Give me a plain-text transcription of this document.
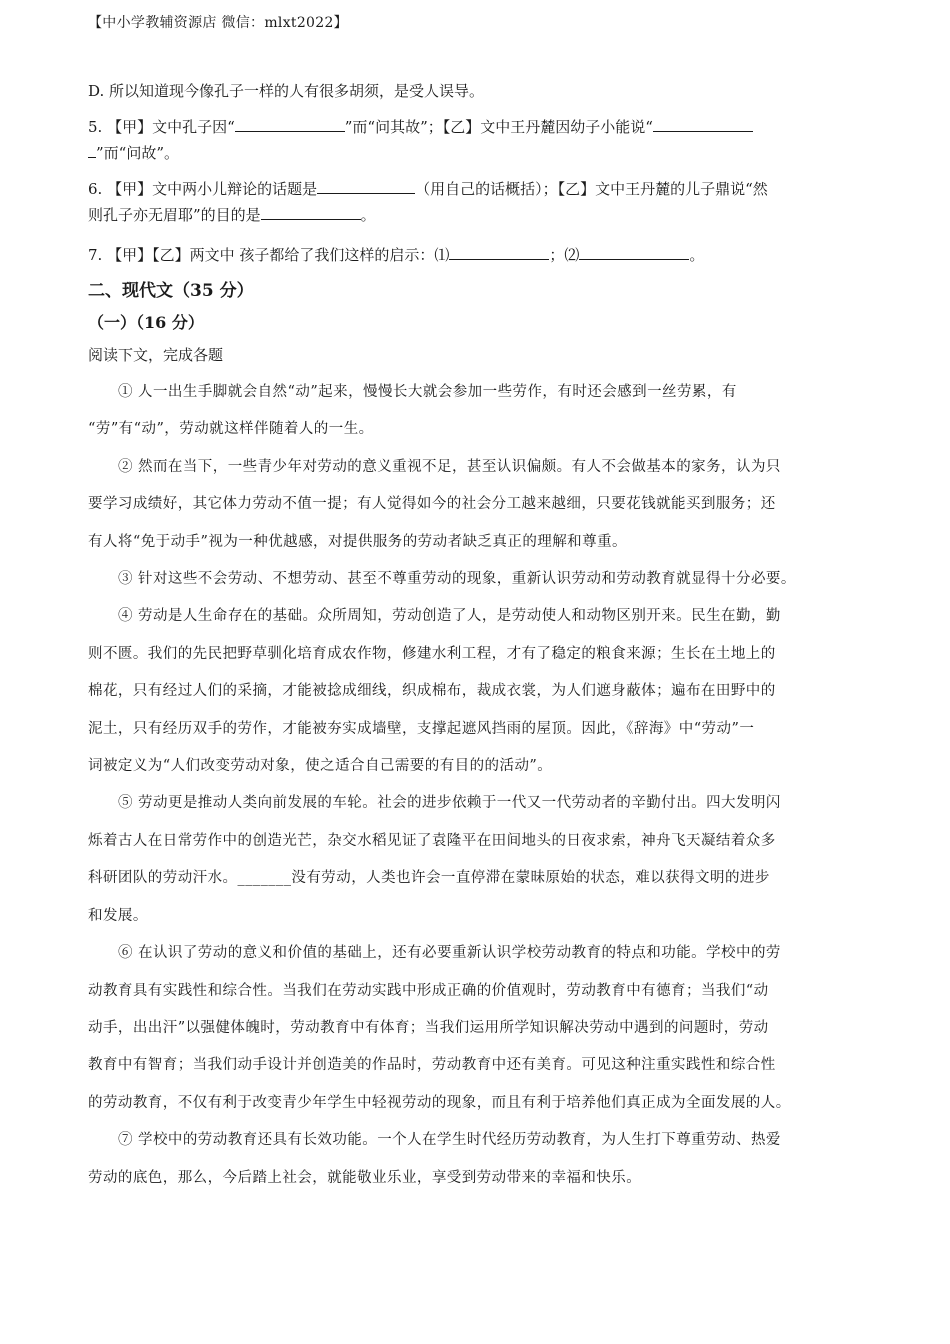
【中小学教辅资源店 微信：mlxt2022】

D. 所以知道现今像孔子一样的人有很多胡须，是受人误导。

5. 【甲】文中孔子因“	”而“问其故”；【乙】文中王丹麓因幼子小能说“

”而“问故”。

6. 【甲】文中两小儿辩论的话题是	（用自己的话概括）；【乙】文中王丹麓的儿子鼎说“然

则孔子亦无眉耶”的目的是	。

7. 【甲】【乙】两文中 孩子都给了我们这样的启示：⑴	；⑵	。

二、现代文（35 分）
（一）（16 分）
阅读下文，完成各题
① 人一出生手脚就会自然“动”起来，慢慢长大就会参加一些劳作，有时还会感到一丝劳累，有
“劳”有“动”，劳动就这样伴随着人的一生。
② 然而在当下，一些青少年对劳动的意义重视不足，甚至认识偏颇。有人不会做基本的家务，认为只
要学习成绩好，其它体力劳动不值一提；有人觉得如今的社会分工越来越细，只要花钱就能买到服务；还
有人将“免于动手”视为一种优越感，对提供服务的劳动者缺乏真正的理解和尊重。
③ 针对这些不会劳动、不想劳动、甚至不尊重劳动的现象，重新认识劳动和劳动教育就显得十分必要。
④ 劳动是人生命存在的基础。众所周知，劳动创造了人，是劳动使人和动物区别开来。民生在勤，勤
则不匮。我们的先民把野草驯化培育成农作物，修建水利工程，才有了稳定的粮食来源；生长在土地上的
棉花，只有经过人们的采摘，才能被捻成细线，织成棉布，裁成衣裳，为人们遮身蔽体；遍布在田野中的
泥土，只有经历双手的劳作，才能被夯实成墙壁，支撑起遮风挡雨的屋顶。因此，《辞海》中“劳动”一
词被定义为“人们改变劳动对象，使之适合自己需要的有目的的活动”。
⑤ 劳动更是推动人类向前发展的车轮。社会的进步依赖于一代又一代劳动者的辛勤付出。四大发明闪
烁着古人在日常劳作中的创造光芒，杂交水稻见证了袁隆平在田间地头的日夜求索，神舟飞天凝结着众多
科研团队的劳动汗水。_______没有劳动，人类也许会一直停滞在蒙昧原始的状态，难以获得文明的进步
和发展。
⑥ 在认识了劳动的意义和价值的基础上，还有必要重新认识学校劳动教育的特点和功能。学校中的劳
动教育具有实践性和综合性。当我们在劳动实践中形成正确的价值观时，劳动教育中有德育；当我们“动
动手，出出汗”以强健体魄时，劳动教育中有体育；当我们运用所学知识解决劳动中遇到的问题时，劳动
教育中有智育；当我们动手设计并创造美的作品时，劳动教育中还有美育。可见这种注重实践性和综合性
的劳动教育，不仅有利于改变青少年学生中轻视劳动的现象，而且有利于培养他们真正成为全面发展的人。
⑦ 学校中的劳动教育还具有长效功能。一个人在学生时代经历劳动教育，为人生打下尊重劳动、热爱
劳动的底色，那么，今后踏上社会，就能敬业乐业，享受到劳动带来的幸福和快乐。
